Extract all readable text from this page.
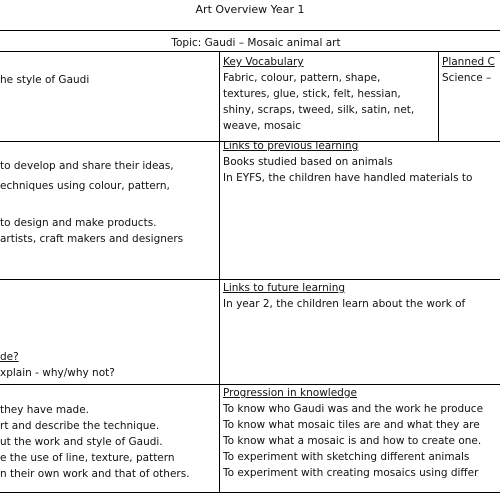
Art Overview Year 1
Topic: Gaudi – Mosaic animal art
he style of Gaudi
Key Vocabulary
Fabric, colour, pattern, shape,
textures, glue, stick, felt, hessian,
shiny, scraps, tweed, silk, satin, net,
weave, mosaic
Planned C
Science –
to develop and share their ideas,
echniques using colour, pattern,
to design and make products.
artists, craft makers and designers
Links to previous learning
Books studied based on animals
In EYFS, the children have handled materials to
de?
xplain - why/why not?
Links to future learning
In year 2, the children learn about the work of
they have made.
rt and describe the technique.
ut the work and style of Gaudi.
e the use of line, texture, pattern
n their own work and that of others.
Progression in knowledge
To know who Gaudi was and the work he produce
To know what mosaic tiles are and what they are
To know what a mosaic is and how to create one.
To experiment with sketching different animals
To experiment with creating mosaics using differ
